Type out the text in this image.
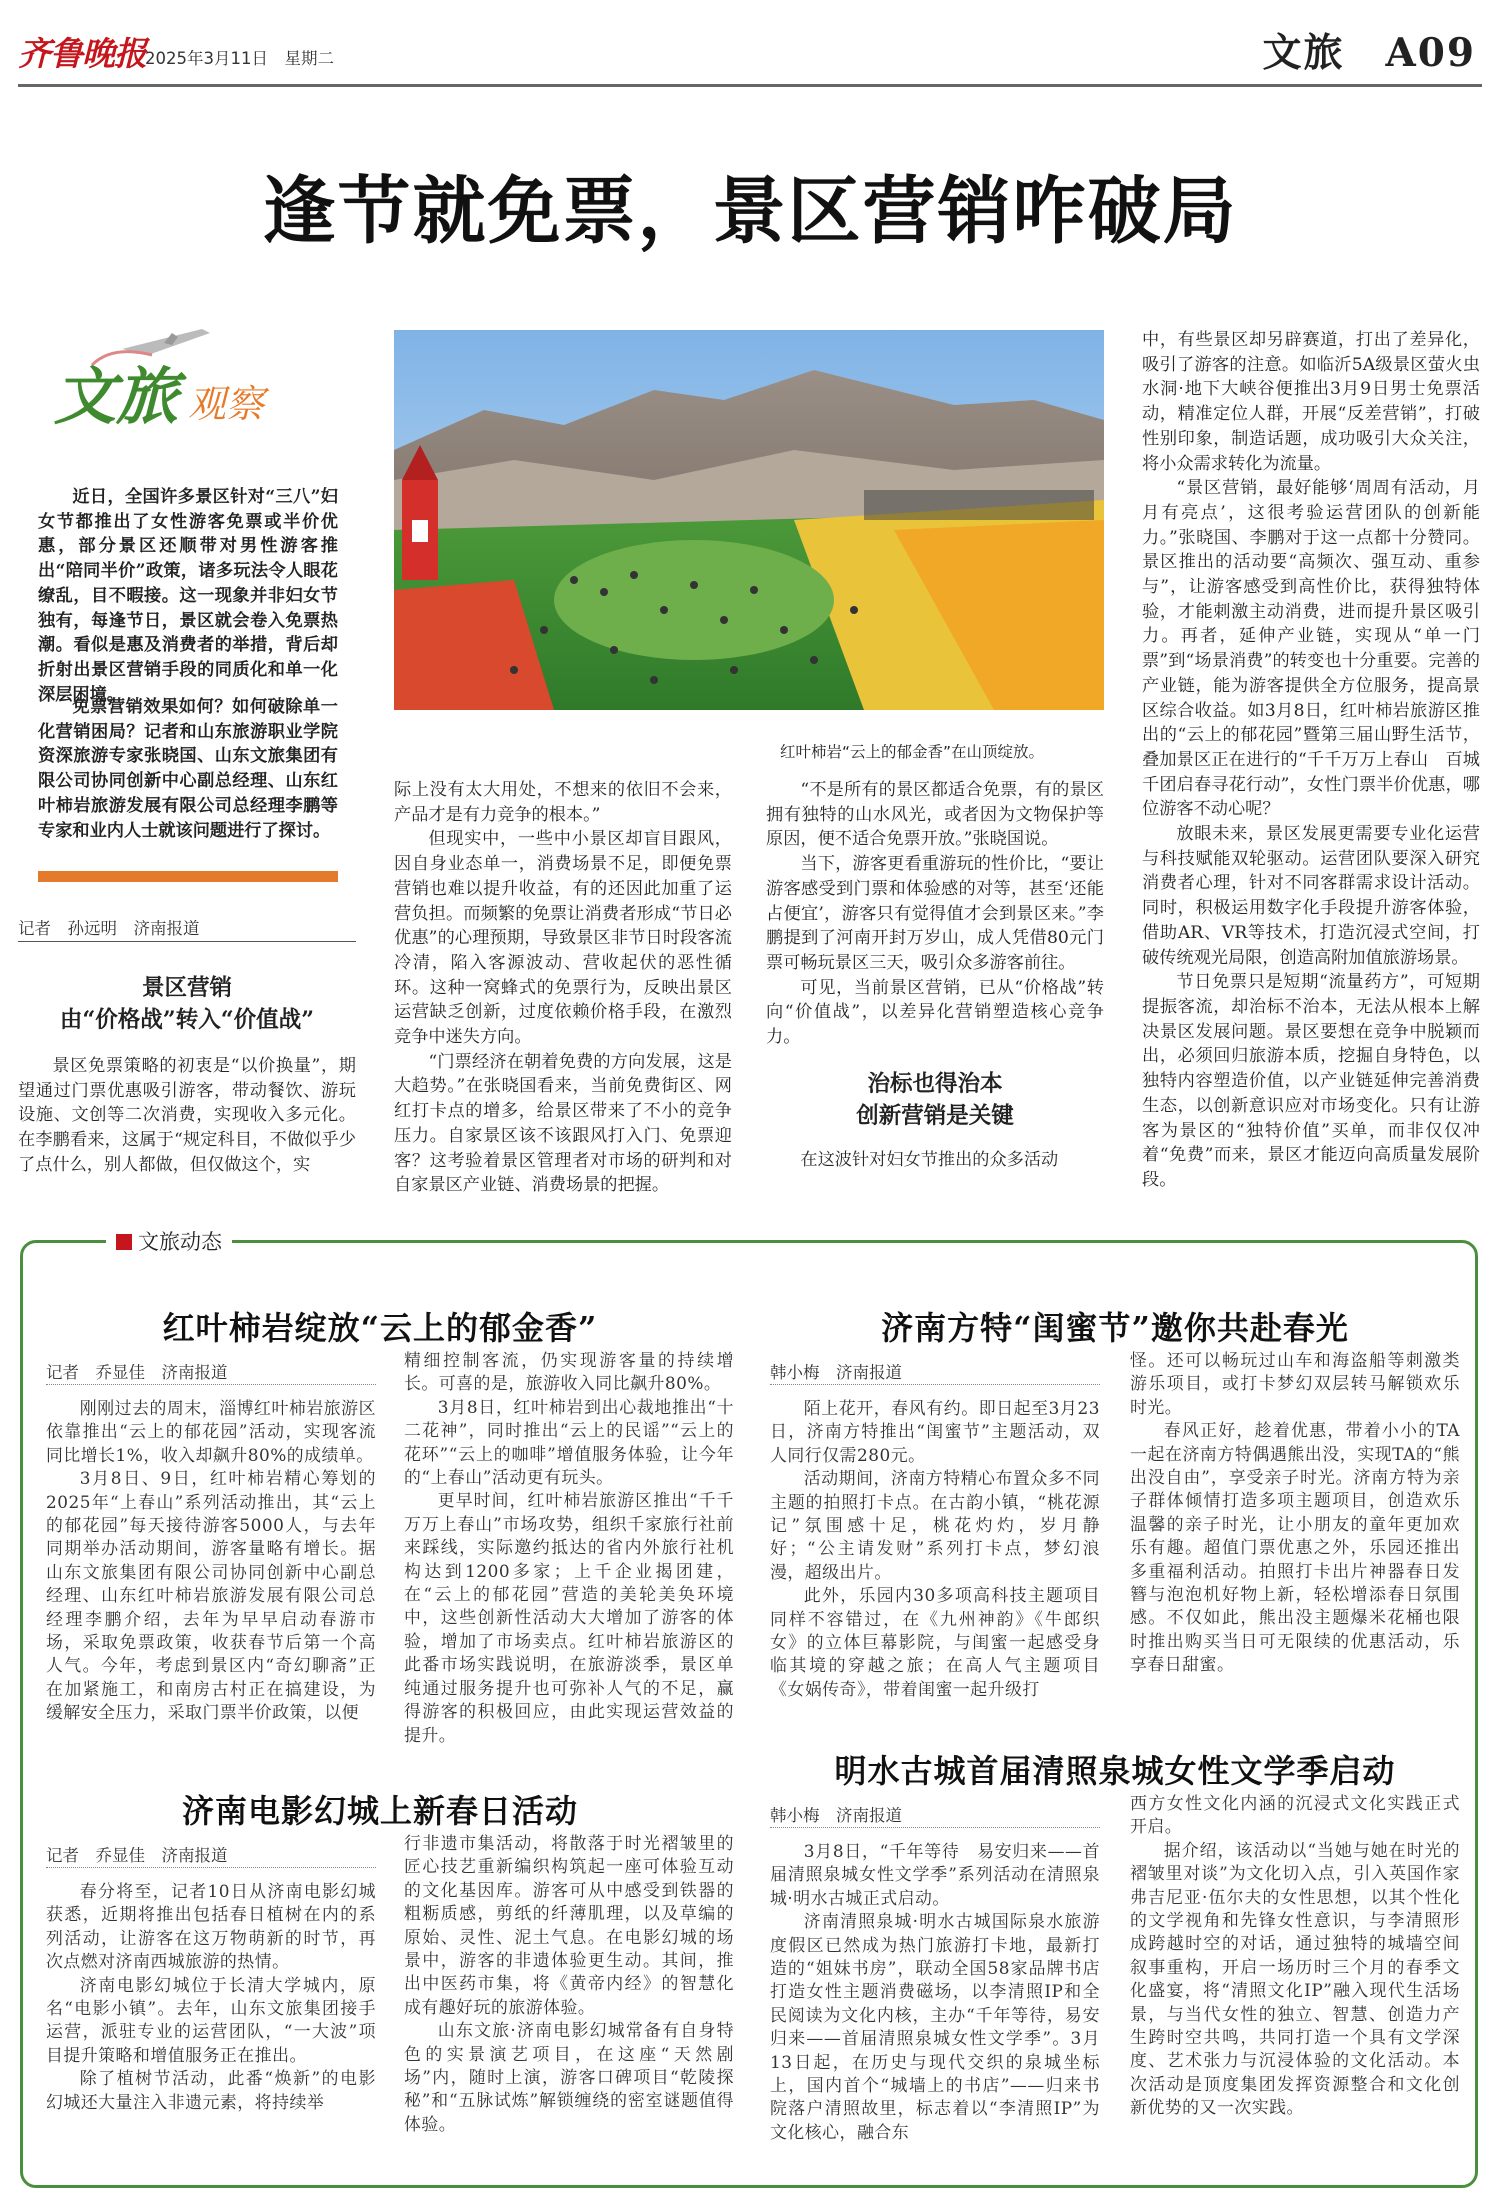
齐鲁晚报 2025年3月11日　星期二	文旅　A09
逢节就免票，景区营销咋破局
文旅 观察
红叶柿岩“云上的郁金香”在山顶绽放。
近日，全国许多景区针对“三八”妇女节都推出了女性游客免票或半价优惠，部分景区还顺带对男性游客推出“陪同半价”政策，诸多玩法令人眼花缭乱，目不暇接。这一现象并非妇女节独有，每逢节日，景区就会卷入免票热潮。看似是惠及消费者的举措，背后却折射出景区营销手段的同质化和单一化深层困境。
免票营销效果如何？如何破除单一化营销困局？记者和山东旅游职业学院资深旅游专家张晓国、山东文旅集团有限公司协同创新中心副总经理、山东红叶柿岩旅游发展有限公司总经理李鹏等专家和业内人士就该问题进行了探讨。
记者　孙远明　济南报道
景区营销
由“价格战”转入“价值战”
景区免票策略的初衷是“以价换量”，期望通过门票优惠吸引游客，带动餐饮、游玩设施、文创等二次消费，实现收入多元化。在李鹏看来，这属于“规定科目，不做似乎少了点什么，别人都做，但仅做这个，实

际上没有太大用处，不想来的依旧不会来，产品才是有力竞争的根本。”

但现实中，一些中小景区却盲目跟风，因自身业态单一，消费场景不足，即便免票营销也难以提升收益，有的还因此加重了运营负担。而频繁的免票让消费者形成“节日必优惠”的心理预期，导致景区非节日时段客流冷清，陷入客源波动、营收起伏的恶性循环。这种一窝蜂式的免票行为，反映出景区运营缺乏创新，过度依赖价格手段，在激烈竞争中迷失方向。

“门票经济在朝着免费的方向发展，这是大趋势。”在张晓国看来，当前免费街区、网红打卡点的增多，给景区带来了不小的竞争压力。自家景区该不该跟风打入门、免票迎客？这考验着景区管理者对市场的研判和对自家景区产业链、消费场景的把握。

“不是所有的景区都适合免票，有的景区拥有独特的山水风光，或者因为文物保护等原因，便不适合免票开放。”张晓国说。

当下，游客更看重游玩的性价比，“要让游客感受到门票和体验感的对等，甚至‘还能占便宜’，游客只有觉得值才会到景区来。”李鹏提到了河南开封万岁山，成人凭借80元门票可畅玩景区三天，吸引众多游客前往。

可见，当前景区营销，已从“价格战”转向“价值战”，以差异化营销塑造核心竞争力。

治标也得治本
创新营销是关键
在这波针对妇女节推出的众多活动

中，有些景区却另辟赛道，打出了差异化，吸引了游客的注意。如临沂5A级景区萤火虫水洞·地下大峡谷便推出3月9日男士免票活动，精准定位人群，开展“反差营销”，打破性别印象，制造话题，成功吸引大众关注，将小众需求转化为流量。

“景区营销，最好能够‘周周有活动，月月有亮点’，这很考验运营团队的创新能力。”张晓国、李鹏对于这一点都十分赞同。景区推出的活动要“高频次、强互动、重参与”，让游客感受到高性价比，获得独特体验，才能刺激主动消费，进而提升景区吸引力。再者，延伸产业链，实现从“单一门票”到“场景消费”的转变也十分重要。完善的产业链，能为游客提供全方位服务，提高景区综合收益。如3月8日，红叶柿岩旅游区推出的“云上的郁花园”暨第三届山野生活节，叠加景区正在进行的“千千万万上春山　百城千团启春寻花行动”，女性门票半价优惠，哪位游客不动心呢？

放眼未来，景区发展更需要专业化运营与科技赋能双轮驱动。运营团队要深入研究消费者心理，针对不同客群需求设计活动。同时，积极运用数字化手段提升游客体验，借助AR、VR等技术，打造沉浸式空间，打破传统观光局限，创造高附加值旅游场景。

节日免票只是短期“流量药方”，可短期提振客流，却治标不治本，无法从根本上解决景区发展问题。景区要想在竞争中脱颖而出，必须回归旅游本质，挖掘自身特色，以独特内容塑造价值，以产业链延伸完善消费生态，以创新意识应对市场变化。只有让游客为景区的“独特价值”买单，而非仅仅冲着“免费”而来，景区才能迈向高质量发展阶段。

文旅动态
红叶柿岩绽放“云上的郁金香”
记者　乔显佳　济南报道

刚刚过去的周末，淄博红叶柿岩旅游区依靠推出“云上的郁花园”活动，实现客流同比增长1%，收入却飙升80%的成绩单。

3月8日、9日，红叶柿岩精心筹划的2025年“上春山”系列活动推出，其“云上的郁花园”每天接待游客5000人，与去年同期举办活动期间，游客量略有增长。据山东文旅集团有限公司协同创新中心副总经理、山东红叶柿岩旅游发展有限公司总经理李鹏介绍，去年为早早启动春游市场，采取免票政策，收获春节后第一个高人气。今年，考虑到景区内“奇幻聊斋”正在加紧施工，和南房古村正在搞建设，为缓解安全压力，采取门票半价政策，以便

精细控制客流，仍实现游客量的持续增长。可喜的是，旅游收入同比飙升80%。

3月8日，红叶柿岩到出心裁地推出“十二花神”，同时推出“云上的民谣”“云上的花环”“云上的咖啡”增值服务体验，让今年的“上春山”活动更有玩头。

更早时间，红叶柿岩旅游区推出“千千万万上春山”市场攻势，组织千家旅行社前来踩线，实际邀约抵达的省内外旅行社机构达到1200多家；上千企业揭团建，在“云上的郁花园”营造的美轮美奂环境中，这些创新性活动大大增加了游客的体验，增加了市场卖点。红叶柿岩旅游区的此番市场实践说明，在旅游淡季，景区单纯通过服务提升也可弥补人气的不足，赢得游客的积极回应，由此实现运营效益的提升。

济南电影幻城上新春日活动
记者　乔显佳　济南报道

春分将至，记者10日从济南电影幻城获悉，近期将推出包括春日植树在内的系列活动，让游客在这万物萌新的时节，再次点燃对济南西城旅游的热情。

济南电影幻城位于长清大学城内，原名“电影小镇”。去年，山东文旅集团接手运营，派驻专业的运营团队，“一大波”项目提升策略和增值服务正在推出。

除了植树节活动，此番“焕新”的电影幻城还大量注入非遗元素，将持续举

行非遗市集活动，将散落于时光褶皱里的匠心技艺重新编织构筑起一座可体验互动的文化基因库。游客可从中感受到铁器的粗粝质感，剪纸的纤薄肌理，以及草编的原始、灵性、泥土气息。在电影幻城的场景中，游客的非遗体验更生动。其间，推出中医药市集，将《黄帝内经》的智慧化成有趣好玩的旅游体验。

山东文旅·济南电影幻城常备有自身特色的实景演艺项目，在这座“天然剧场”内，随时上演，游客口碑项目“乾陵探秘”和“五脉试炼”解锁缠绕的密室谜题值得体验。

济南方特“闺蜜节”邀你共赴春光
韩小梅　济南报道

陌上花开，春风有约。即日起至3月23日，济南方特推出“闺蜜节”主题活动，双人同行仅需280元。

活动期间，济南方特精心布置众多不同主题的拍照打卡点。在古韵小镇，“桃花源记”氛围感十足，桃花灼灼，岁月静好；“公主请发财”系列打卡点，梦幻浪漫，超级出片。

此外，乐园内30多项高科技主题项目同样不容错过，在《九州神韵》《牛郎织女》的立体巨幕影院，与闺蜜一起感受身临其境的穿越之旅；在高人气主题项目《女娲传奇》，带着闺蜜一起升级打

怪。还可以畅玩过山车和海盗船等刺激类游乐项目，或打卡梦幻双层转马解锁欢乐时光。

春风正好，趁着优惠，带着小小的TA一起在济南方特偶遇熊出没，实现TA的“熊出没自由”，享受亲子时光。济南方特为亲子群体倾情打造多项主题项目，创造欢乐温馨的亲子时光，让小朋友的童年更加欢乐有趣。超值门票优惠之外，乐园还推出多重福利活动。拍照打卡出片神器春日发簪与泡泡机好物上新，轻松增添春日氛围感。不仅如此，熊出没主题爆米花桶也限时推出购买当日可无限续的优惠活动，乐享春日甜蜜。

明水古城首届清照泉城女性文学季启动
韩小梅　济南报道

3月8日，“千年等待　易安归来——首届清照泉城女性文学季”系列活动在清照泉城·明水古城正式启动。

济南清照泉城·明水古城国际泉水旅游度假区已然成为热门旅游打卡地，最新打造的“姐妹书房”，联动全国58家品牌书店打造女性主题消费磁场，以李清照IP和全民阅读为文化内核，主办“千年等待，易安归来——首届清照泉城女性文学季”。3月13日起，在历史与现代交织的泉城坐标上，国内首个“城墙上的书店”——归来书院落户清照故里，标志着以“李清照IP”为文化核心，融合东

西方女性文化内涵的沉浸式文化实践正式开启。

据介绍，该活动以“当她与她在时光的褶皱里对谈”为文化切入点，引入英国作家弗吉尼亚·伍尔夫的女性思想，以其个性化的文学视角和先锋女性意识，与李清照形成跨越时空的对话，通过独特的城墙空间叙事重构，开启一场历时三个月的春季文化盛宴，将“清照文化IP”融入现代生活场景，与当代女性的独立、智慧、创造力产生跨时空共鸣，共同打造一个具有文学深度、艺术张力与沉浸体验的文化活动。本次活动是顶度集团发挥资源整合和文化创新优势的又一次实践。
